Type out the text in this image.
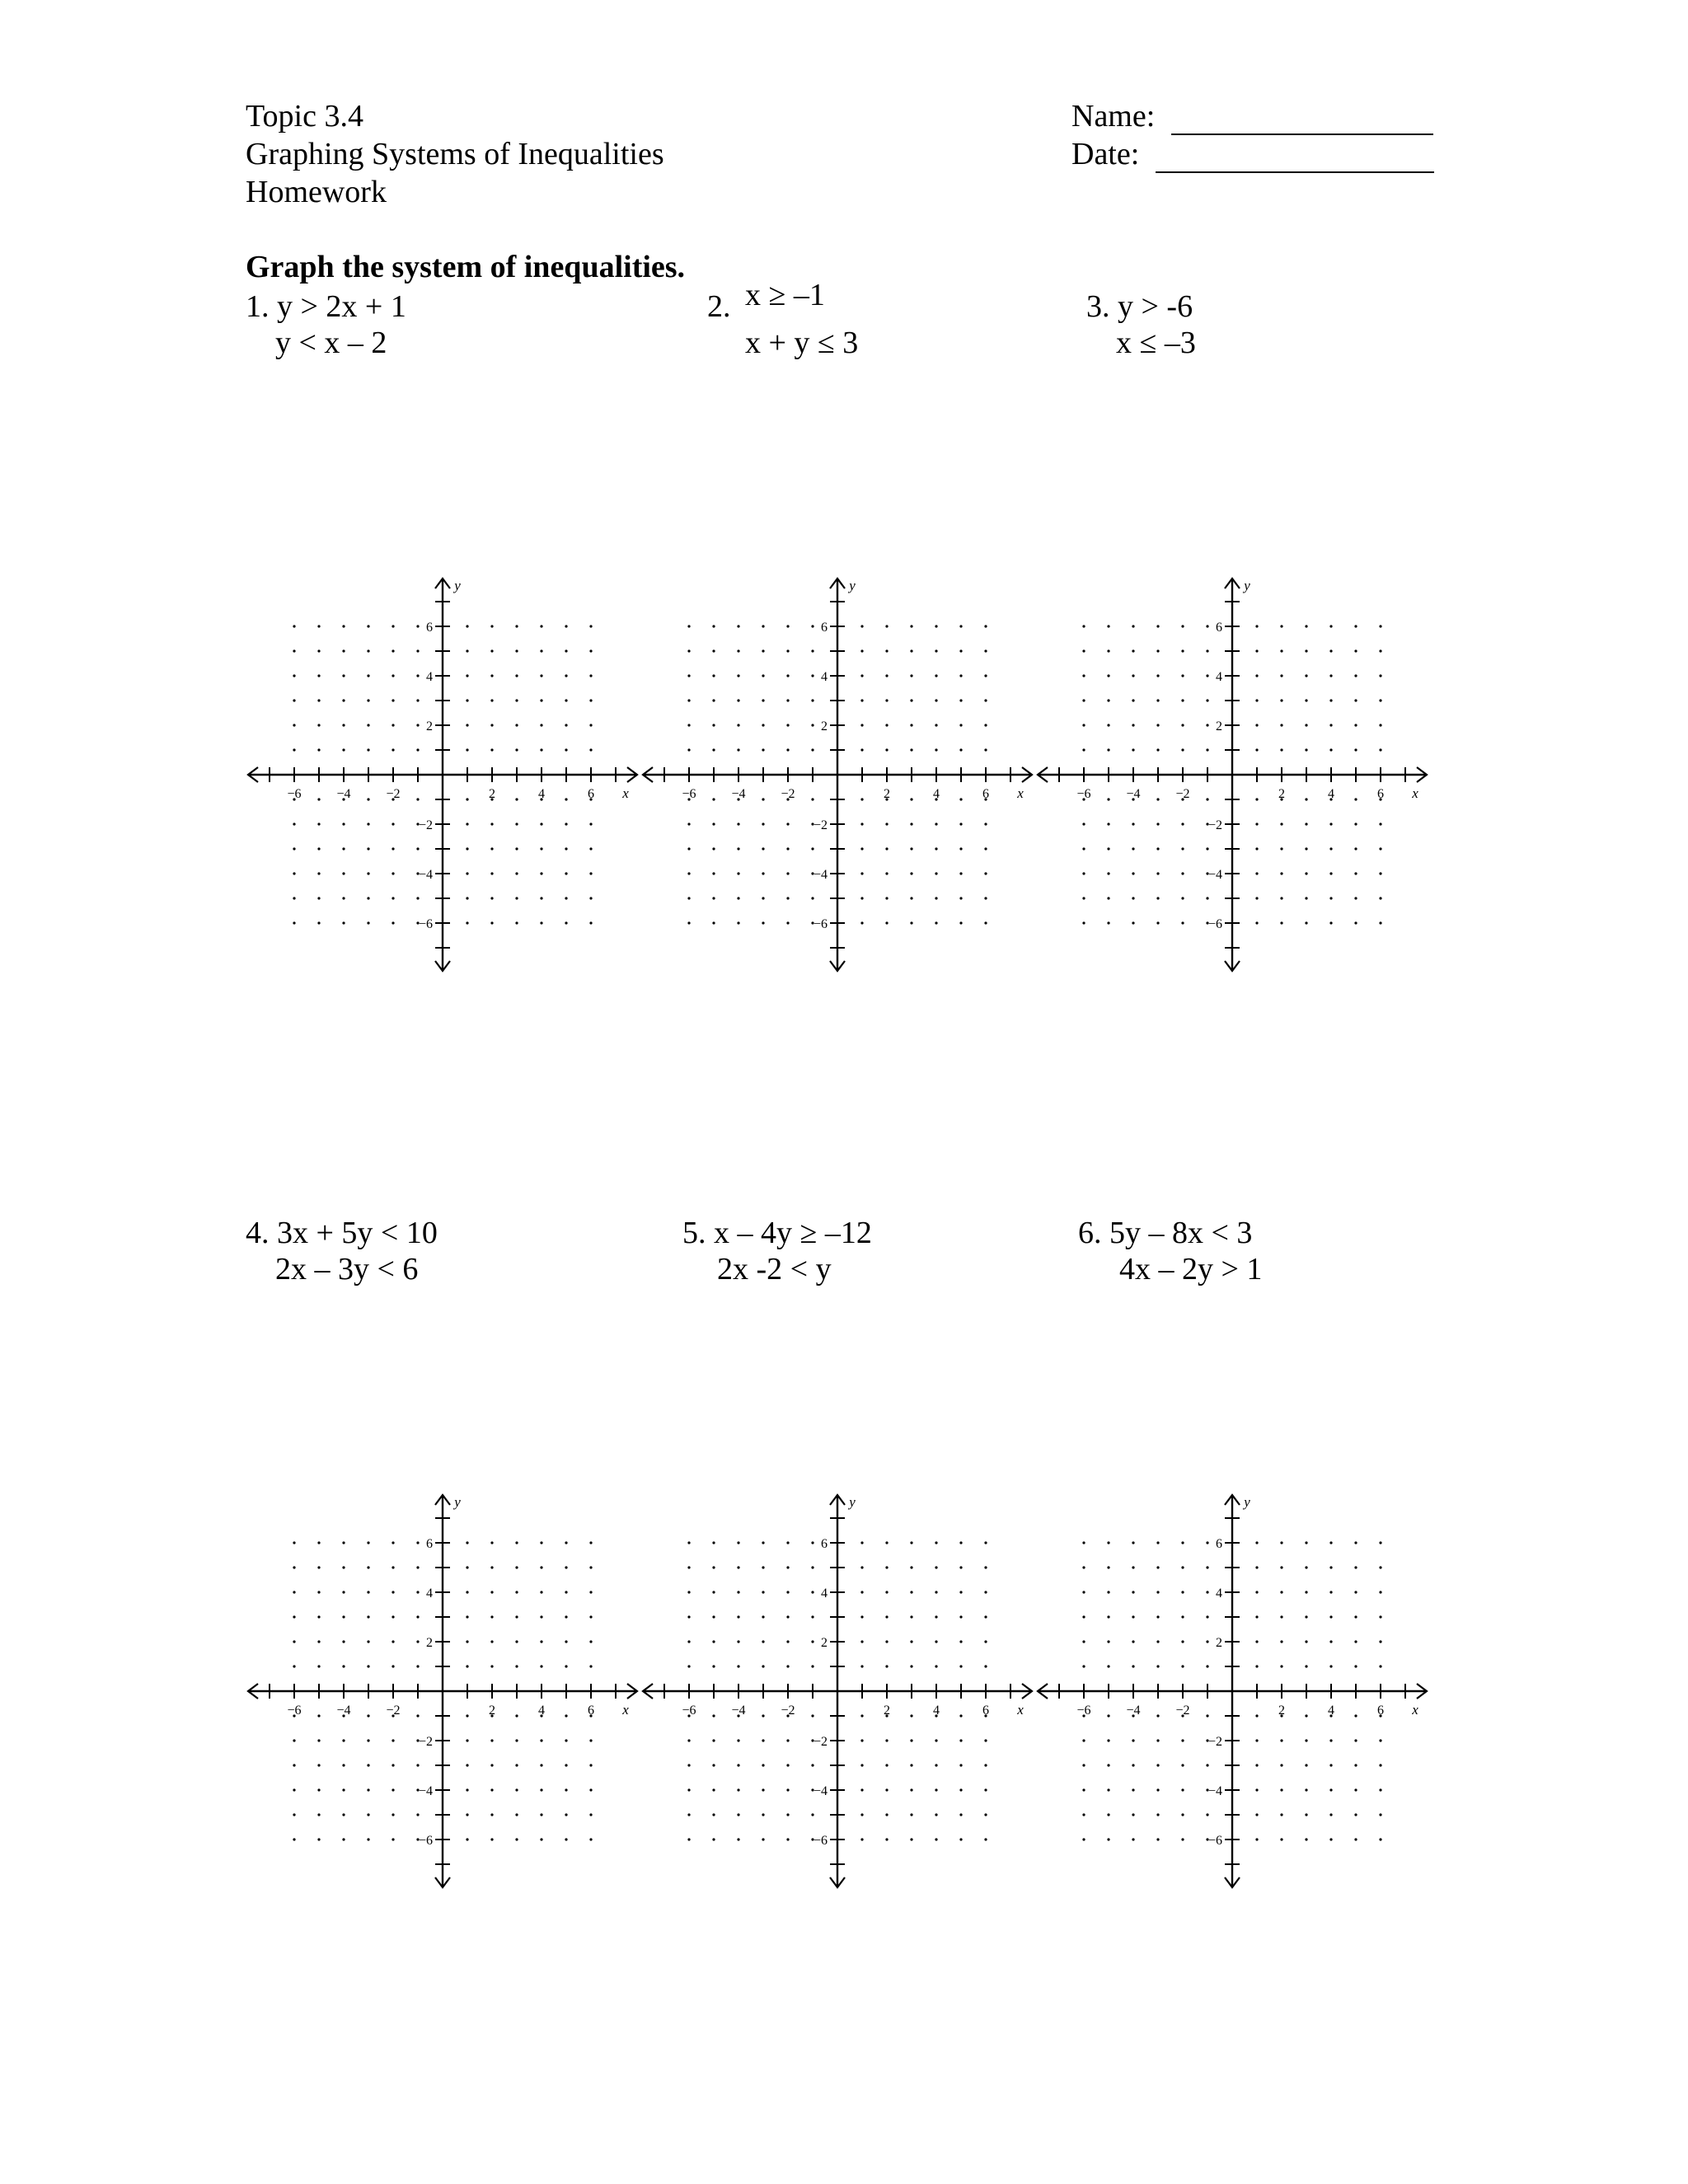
Topic 3.4
Graphing Systems of Inequalities
Homework
Name:
Date:
Graph the system of inequalities.
1. y > 2x + 1
y < x – 2
2. x ≥ –1
x + y ≤ 3
3. y > -6
x ≤ –3
4. 3x + 5y < 10
2x – 3y < 6
5. x – 4y ≥ –12
2x -2 < y
6. 5y – 8x < 3
4x – 2y > 1
−6
−6
−4
−4
−2
−2
2
2
4
4
6
6
x
y
−6
−6
−4
−4
−2
−2
2
2
4
4
6
6
x
y
−6
−6
−4
−4
−2
−2
2
2
4
4
6
6
x
y
−6
−6
−4
−4
−2
−2
2
2
4
4
6
6
x
y
−6
−6
−4
−4
−2
−2
2
2
4
4
6
6
x
y
−6
−6
−4
−4
−2
−2
2
2
4
4
6
6
x
y
